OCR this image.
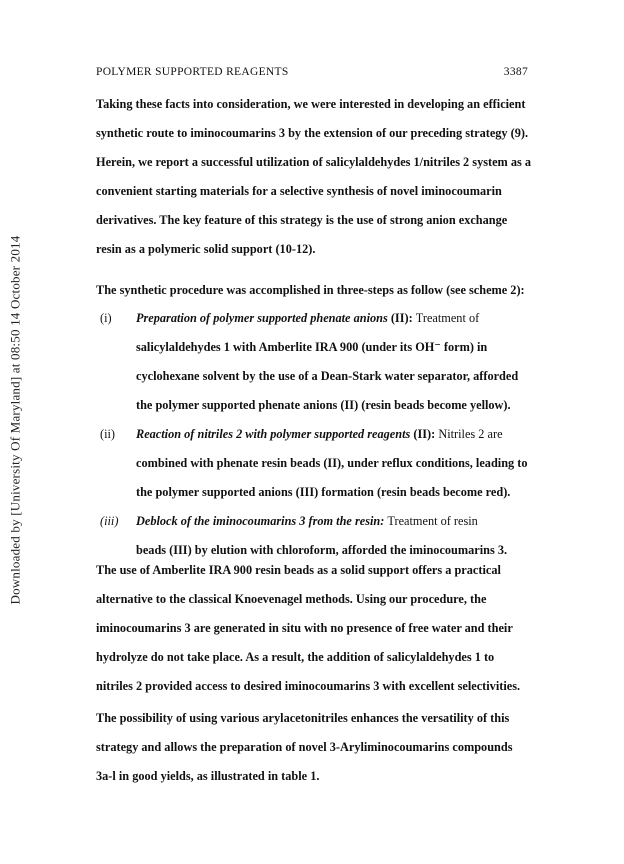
Downloaded by [University Of Maryland] at 08:50 14 October 2014
POLYMER SUPPORTED REAGENTS	3387
Taking these facts into consideration, we were interested in developing an efficient
synthetic route to iminocoumarins 3 by the extension of our preceding strategy (9).
Herein, we report a successful utilization of salicylaldehydes 1/nitriles 2 system as a
convenient starting materials for a selective synthesis of novel iminocoumarin
derivatives. The key feature of this strategy is the use of strong anion exchange
resin as a polymeric solid support (10-12).
The synthetic procedure was accomplished in three-steps as follow (see scheme 2):
(i) Preparation of polymer supported phenate anions (II): Treatment of
salicylaldehydes 1 with Amberlite IRA 900 (under its OH⁻ form) in
cyclohexane solvent by the use of a Dean-Stark water separator, afforded
the polymer supported phenate anions (II) (resin beads become yellow).
(ii) Reaction of nitriles 2 with polymer supported reagents (II): Nitriles 2 are
combined with phenate resin beads (II), under reflux conditions, leading to
the polymer supported anions (III) formation (resin beads become red).
(iii) Deblock of the iminocoumarins 3 from the resin: Treatment of resin
beads (III) by elution with chloroform, afforded the iminocoumarins 3.
The use of Amberlite IRA 900 resin beads as a solid support offers a practical
alternative to the classical Knoevenagel methods. Using our procedure, the
iminocoumarins 3 are generated in situ with no presence of free water and their
hydrolyze do not take place. As a result, the addition of salicylaldehydes 1 to
nitriles 2 provided access to desired iminocoumarins 3 with excellent selectivities.
The possibility of using various arylacetonitriles enhances the versatility of this
strategy and allows the preparation of novel 3-Aryliminocoumarins compounds
3a-l in good yields, as illustrated in table 1.
